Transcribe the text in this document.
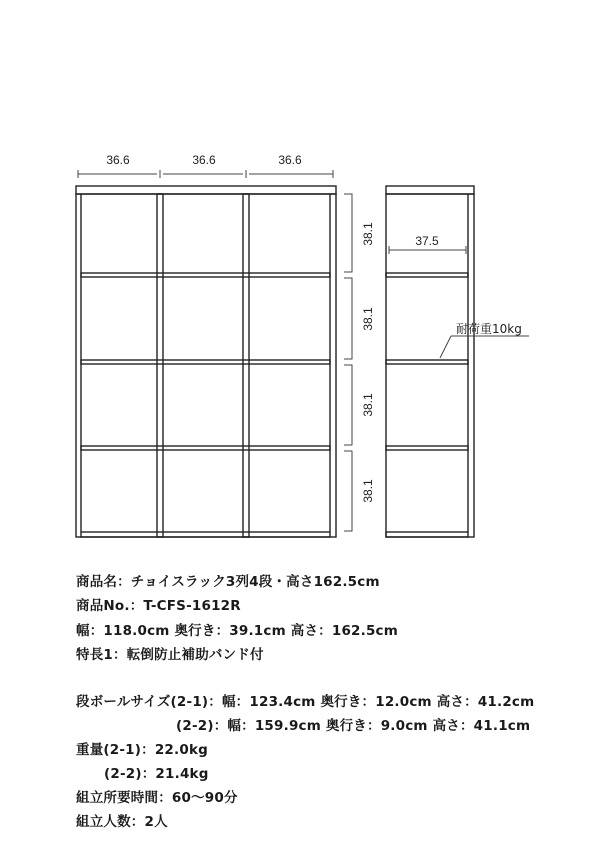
36.6	36.6	36.6
38.1
38.1
38.1
38.1
37.5
耐荷重10kg
商品名：チョイスラック3列4段・高さ162.5cm
商品No.：T-CFS-1612R
幅：118.0cm 奥行き：39.1cm 高さ：162.5cm
特長1：転倒防止補助バンド付
段ボールサイズ(2-1)：幅：123.4cm 奥行き：12.0cm 高さ：41.2cm
(2-2)：幅：159.9cm 奥行き：9.0cm 高さ：41.1cm
重量(2-1)：22.0kg
(2-2)：21.4kg
組立所要時間：60〜90分
組立人数：2人
